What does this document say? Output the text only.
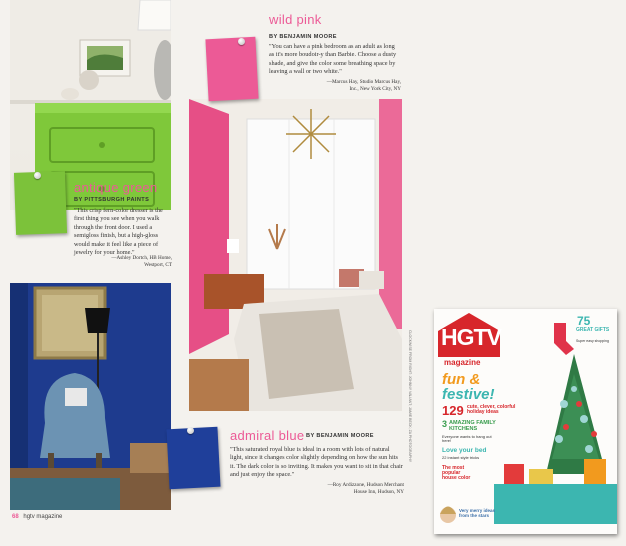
wild pink
BY BENJAMIN MOORE
"You can have a pink bedroom as an adult as long as it's more boudoir-y than Barbie. Choose a dusty shade, and give the color some breathing space by leaving a wall or two white."
—Marcus Hay, Studio Marcus Hay,
Inc., New York City, NY
antique green
BY PITTSBURGH PAINTS
"This crisp fern-color dresser is the first thing you see when you walk through the front door. I used a semigloss finish, but a high-gloss would make it feel like a piece of jewelry for your home."
—Ashley Dortch, HB Home,
Westport, CT
admiral blue BY BENJAMIN MOORE
"This saturated royal blue is ideal in a room with lots of natural light, since it changes color slightly depending on how the sun hits it. The dark color is so inviting. It makes you want to sit in that chair and just enjoy the space."
—Roy Ardizzone, Hudson Merchant
House Inn, Hudson, NY
68 hgtv magazine
CLOCKWISE FROM RIGHT: JOHNNY VALIANT; JAMIE BECK; ZA PHOTOGRAPHY HGTV
magazine
75
GREAT GIFTS
Super easy shopping
fun &
festive!
129 cute, clever, colorful holiday ideas
3 AMAZING FAMILY KITCHENS
Everyone wants to hang out here!
Love your bed
22 instant style tricks
The most popular house color
Very merry ideas from the stars
